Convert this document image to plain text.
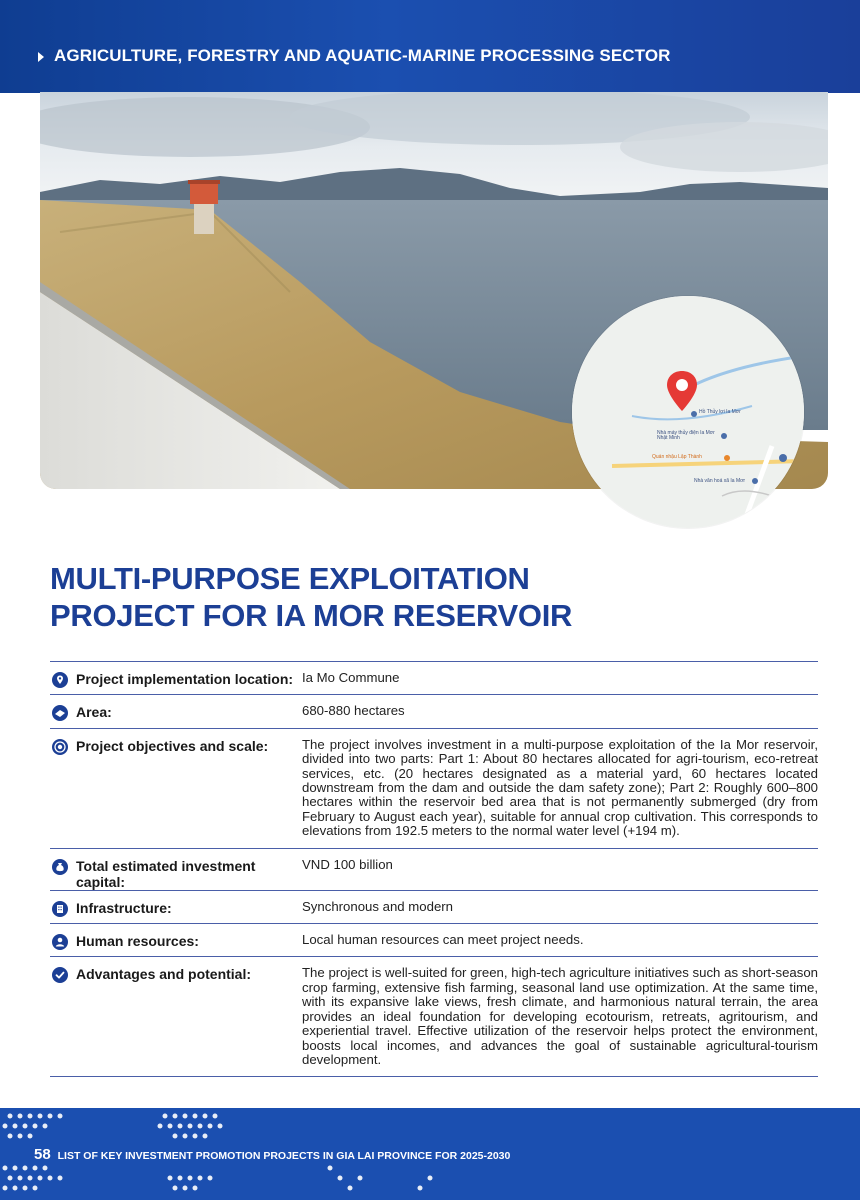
AGRICULTURE, FORESTRY AND AQUATIC-MARINE PROCESSING SECTOR
Hồ Thủy lợi Ia Mơr
Nhà máy thủy điện Ia Mơr Nhật Minh
Quán nhậu Lập Thành
Nhà văn hoá xã Ia Mơr
MULTI-PURPOSE EXPLOITATION
PROJECT FOR IA MOR RESERVOIR
Project implementation location: Ia Mo Commune
Area:	680-880 hectares
Project objectives and scale:	The project involves investment in a multi-purpose exploitation of the Ia Mor reservoir, divided into two parts: Part 1: About 80 hectares allocated for agri-tourism, eco-retreat services, etc. (20 hectares designated as a material yard, 60 hectares located downstream from the dam and outside the dam safety zone); Part 2: Roughly 600–800 hectares within the reservoir bed area that is not permanently submerged (dry from February to August each year), suitable for annual crop cultivation. This corresponds to elevations from 192.5 meters to the normal water level (+194 m).
Total estimated investment capital:
VND 100 billion
Infrastructure:	Synchronous and modern
Human resources:	Local human resources can meet project needs.
Advantages and potential:	The project is well-suited for green, high-tech agriculture initiatives such as short-season crop farming, extensive fish farming, seasonal land use optimization. At the same time, with its expansive lake views, fresh climate, and harmonious natural terrain, the area provides an ideal foundation for developing ecotourism, retreats, agritourism, and experiential travel. Effective utilization of the reservoir helps protect the environment, boosts local incomes, and advances the goal of sustainable agricultural-tourism development.
58 LIST OF KEY INVESTMENT PROMOTION PROJECTS IN GIA LAI PROVINCE FOR 2025-2030
